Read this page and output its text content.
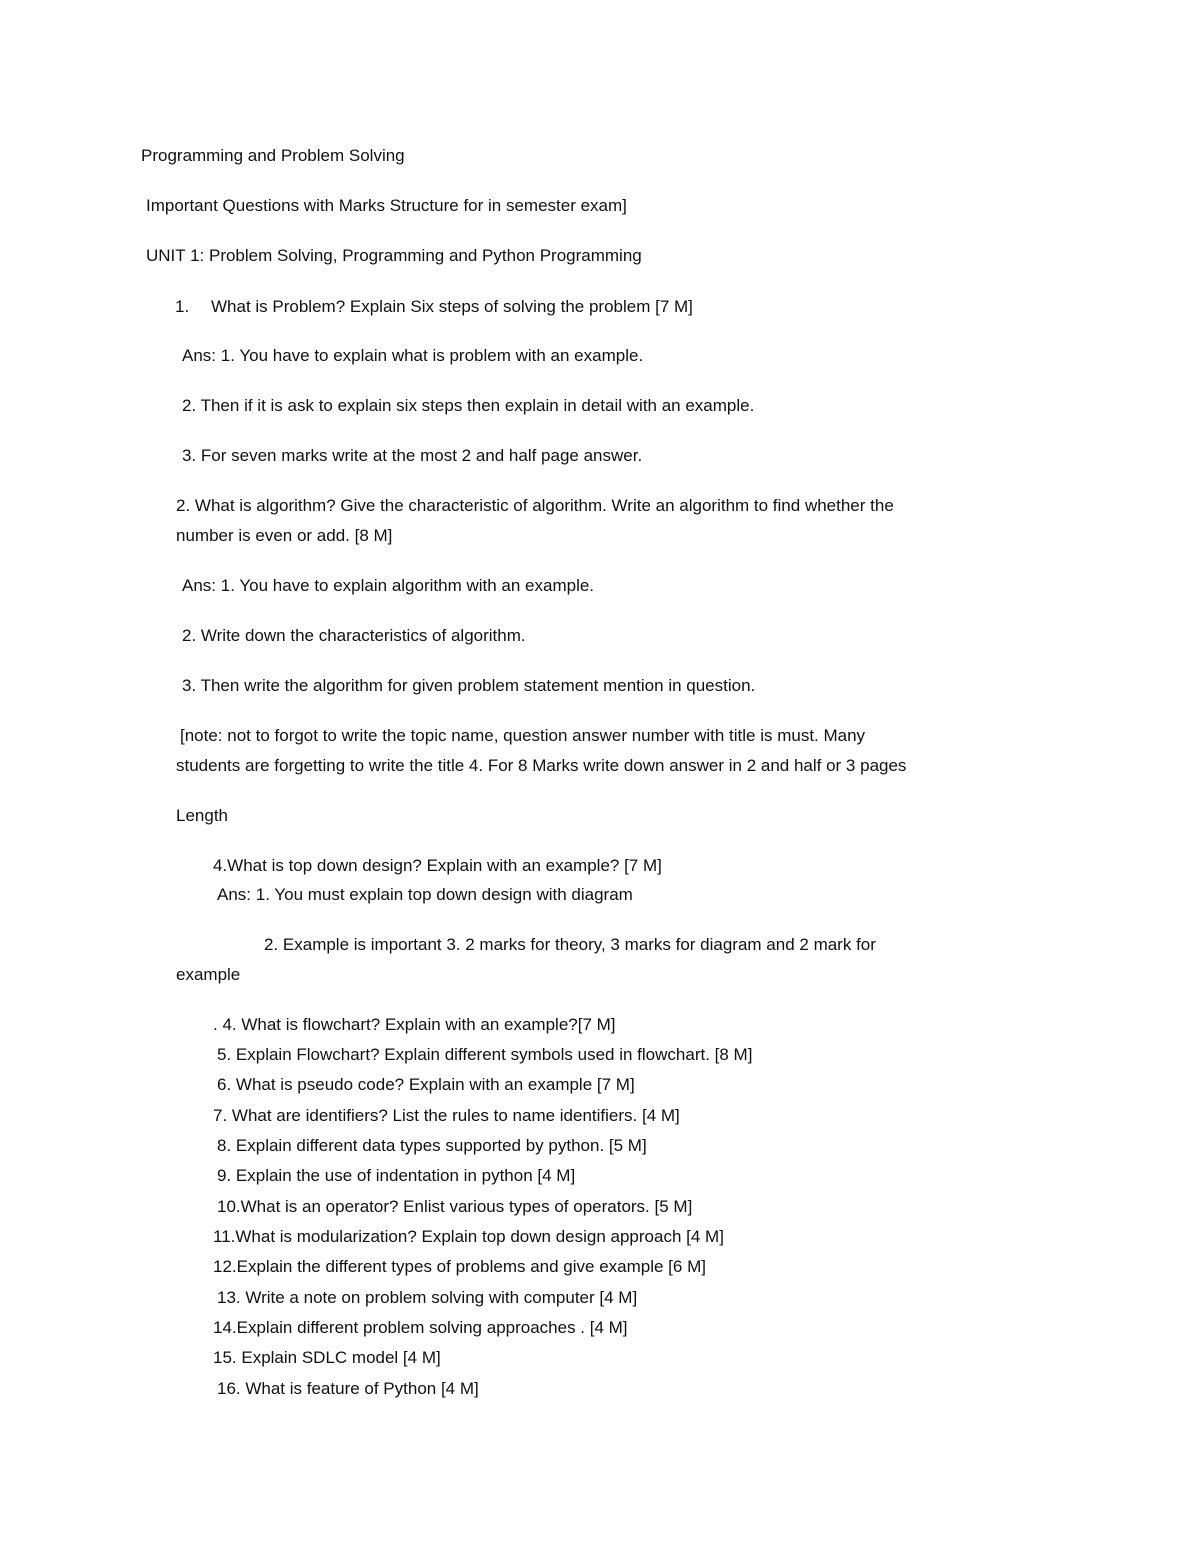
Programming and Problem Solving
Important Questions with Marks Structure for in semester exam]
UNIT 1: Problem Solving, Programming and Python Programming
1. What is Problem? Explain Six steps of solving the problem [7 M]
Ans: 1. You have to explain what is problem with an example.
2. Then if it is ask to explain six steps then explain in detail with an example.
3. For seven marks write at the most 2 and half page answer.
2. What is algorithm? Give the characteristic of algorithm. Write an algorithm to find whether the
number is even or add. [8 M]
Ans: 1. You have to explain algorithm with an example.
2. Write down the characteristics of algorithm.
3. Then write the algorithm for given problem statement mention in question.
[note: not to forgot to write the topic name, question answer number with title is must. Many
students are forgetting to write the title 4. For 8 Marks write down answer in 2 and half or 3 pages
Length
4.What is top down design? Explain with an example? [7 M]
Ans: 1. You must explain top down design with diagram
2. Example is important 3. 2 marks for theory, 3 marks for diagram and 2 mark for
example
. 4. What is flowchart? Explain with an example?[7 M]
5. Explain Flowchart? Explain different symbols used in flowchart. [8 M]
6. What is pseudo code? Explain with an example [7 M]
7. What are identifiers? List the rules to name identifiers. [4 M]
8. Explain different data types supported by python. [5 M]
9. Explain the use of indentation in python [4 M]
10.What is an operator? Enlist various types of operators. [5 M]
11.What is modularization? Explain top down design approach [4 M]
12.Explain the different types of problems and give example [6 M]
13. Write a note on problem solving with computer [4 M]
14.Explain different problem solving approaches . [4 M]
15. Explain SDLC model [4 M]
16. What is feature of Python [4 M]
